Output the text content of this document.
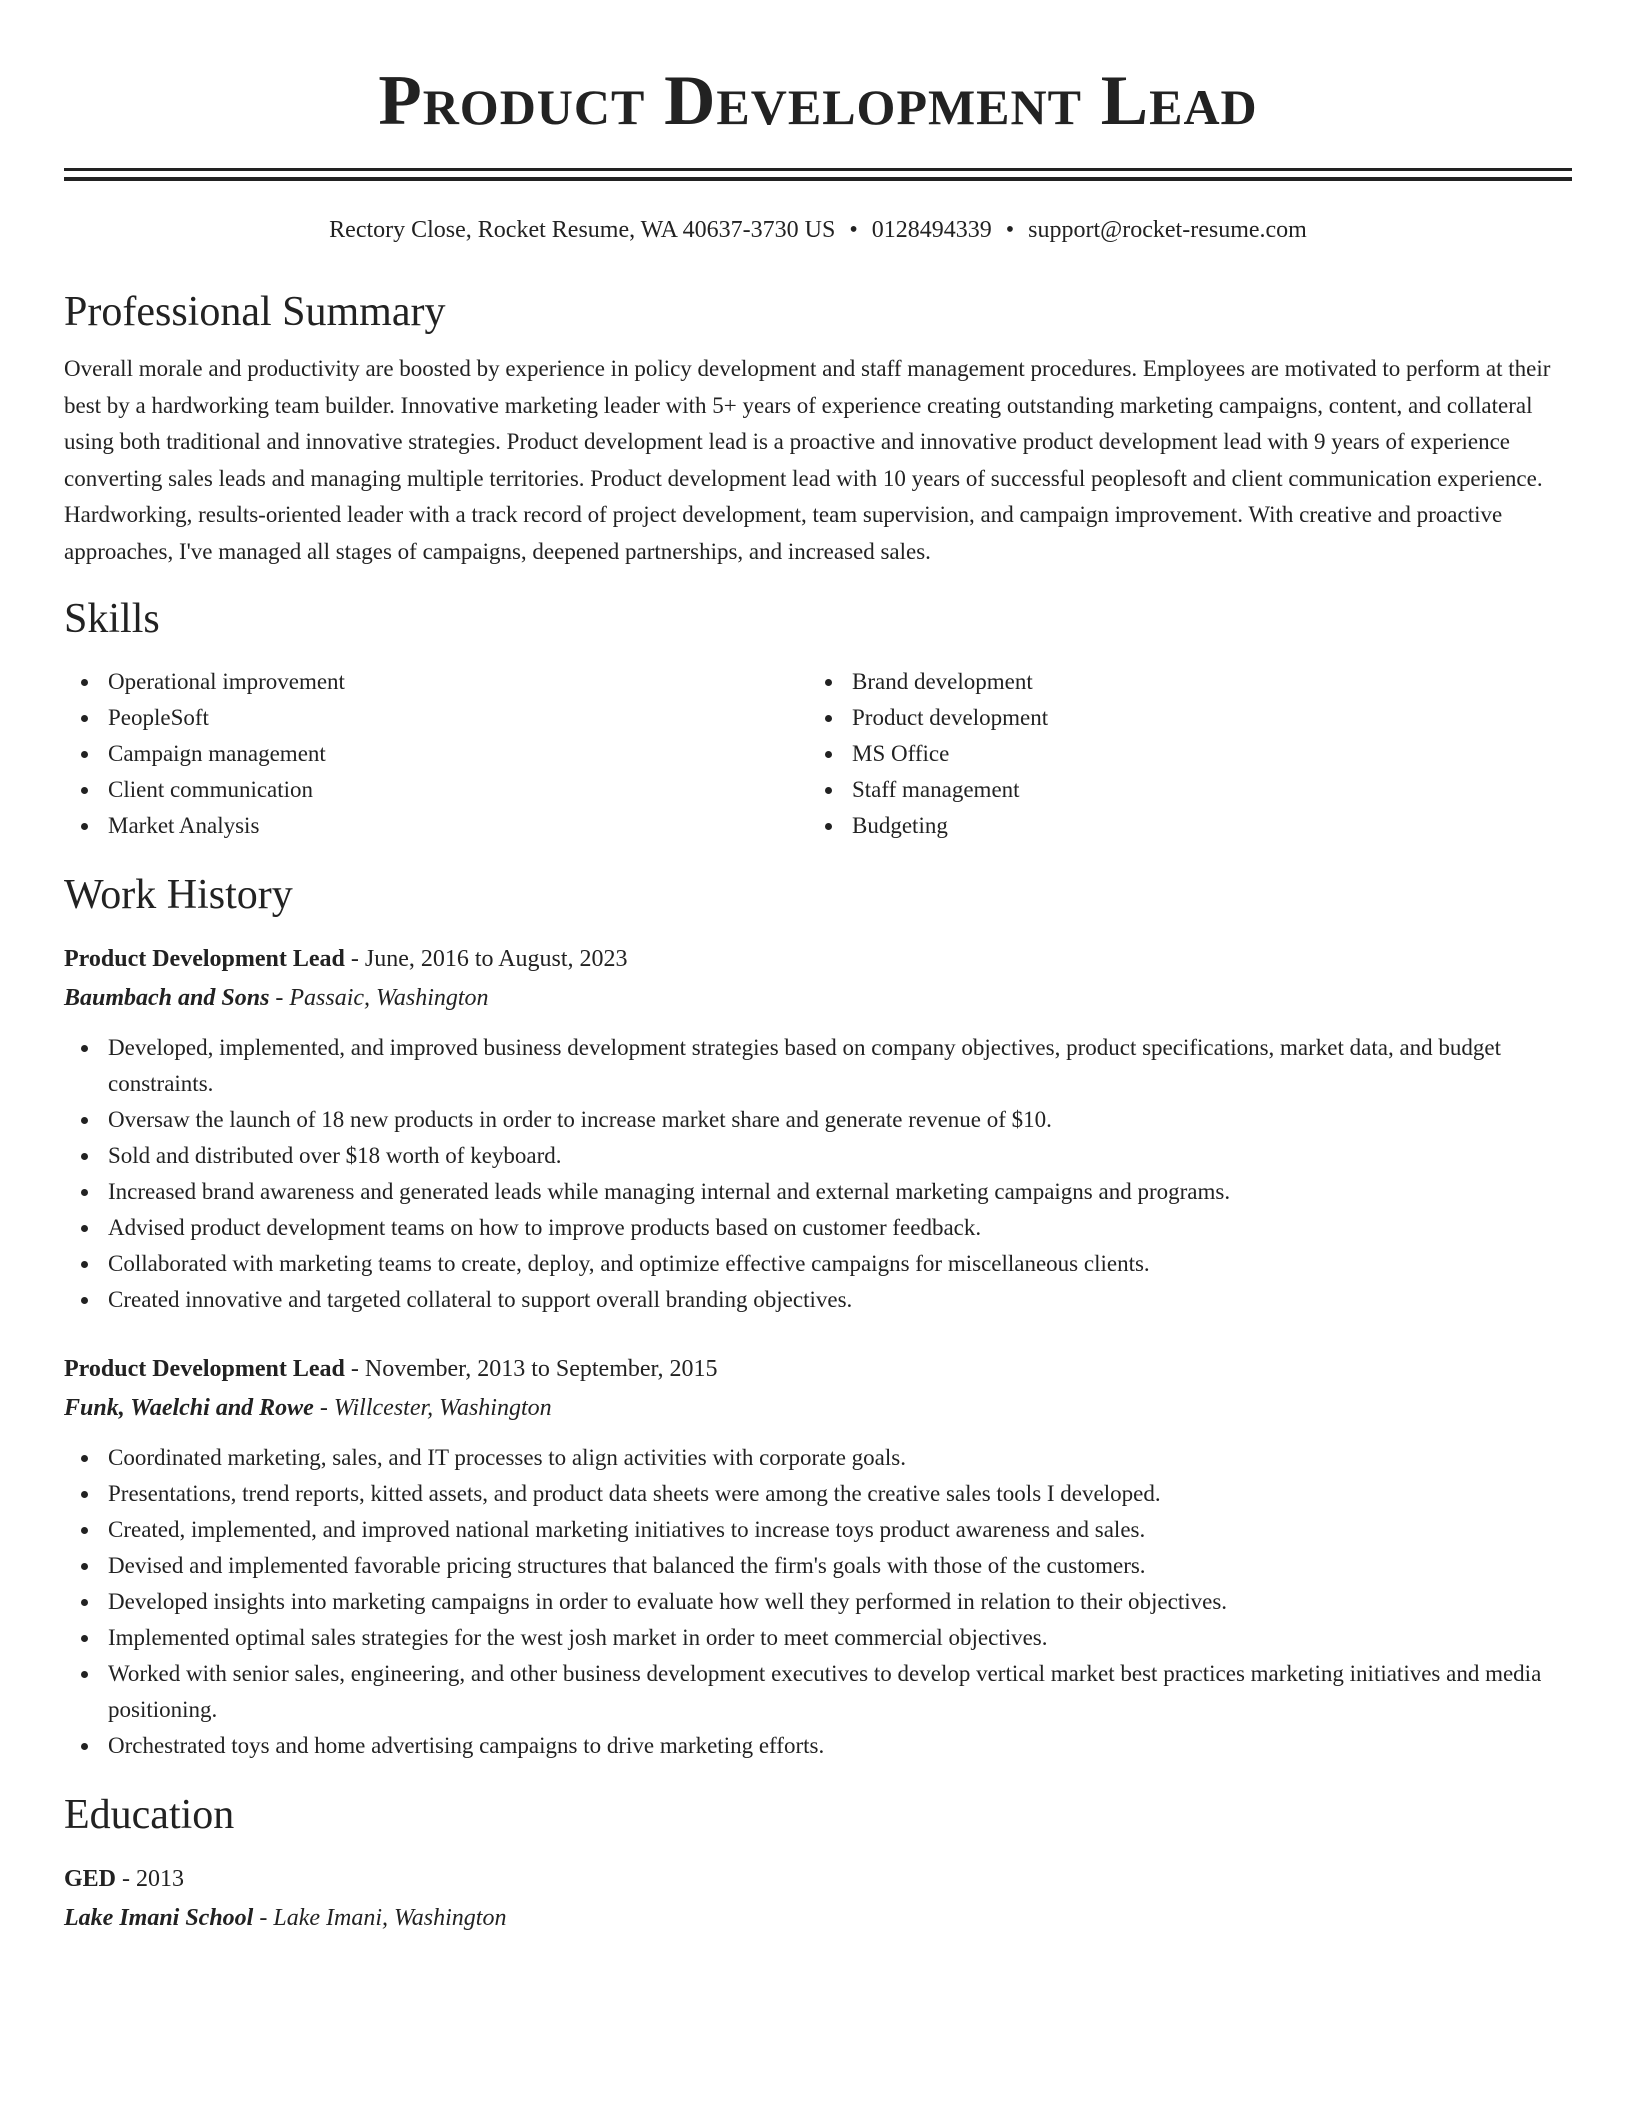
Product Development Lead
Rectory Close, Rocket Resume, WA 40637-3730 US • 0128494339 • support@rocket-resume.com
Professional Summary

Overall morale and productivity are boosted by experience in policy development and staff management procedures. Employees are motivated to perform at their best by a hardworking team builder. Innovative marketing leader with 5+ years of experience creating outstanding marketing campaigns, content, and collateral using both traditional and innovative strategies. Product development lead is a proactive and innovative product development lead with 9 years of experience converting sales leads and managing multiple territories. Product development lead with 10 years of successful peoplesoft and client communication experience. Hardworking, results-oriented leader with a track record of project development, team supervision, and campaign improvement. With creative and proactive approaches, I've managed all stages of campaigns, deepened partnerships, and increased sales.

Skills
Operational improvement
PeopleSoft
Campaign management
Client communication
Market Analysis
Brand development
Product development
MS Office
Staff management
Budgeting
Work History
Product Development Lead - June, 2016 to August, 2023
Baumbach and Sons - Passaic, Washington
Developed, implemented, and improved business development strategies based on company objectives, product specifications, market data, and budget constraints.
Oversaw the launch of 18 new products in order to increase market share and generate revenue of $10.
Sold and distributed over $18 worth of keyboard.
Increased brand awareness and generated leads while managing internal and external marketing campaigns and programs.
Advised product development teams on how to improve products based on customer feedback.
Collaborated with marketing teams to create, deploy, and optimize effective campaigns for miscellaneous clients.
Created innovative and targeted collateral to support overall branding objectives.
Product Development Lead - November, 2013 to September, 2015
Funk, Waelchi and Rowe - Willcester, Washington
Coordinated marketing, sales, and IT processes to align activities with corporate goals.
Presentations, trend reports, kitted assets, and product data sheets were among the creative sales tools I developed.
Created, implemented, and improved national marketing initiatives to increase toys product awareness and sales.
Devised and implemented favorable pricing structures that balanced the firm's goals with those of the customers.
Developed insights into marketing campaigns in order to evaluate how well they performed in relation to their objectives.
Implemented optimal sales strategies for the west josh market in order to meet commercial objectives.
Worked with senior sales, engineering, and other business development executives to develop vertical market best practices marketing initiatives and media positioning.
Orchestrated toys and home advertising campaigns to drive marketing efforts.
Education
GED - 2013
Lake Imani School - Lake Imani, Washington
